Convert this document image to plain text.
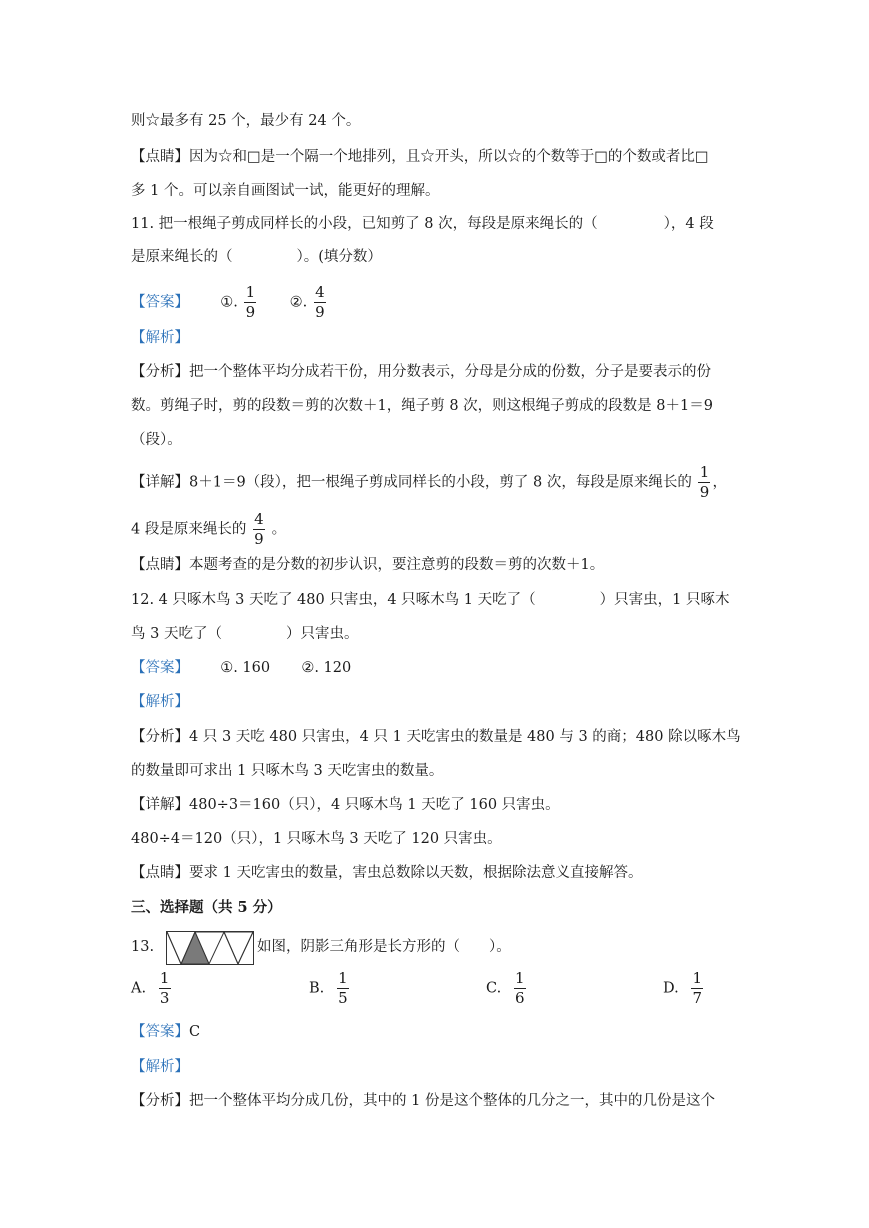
则☆最多有 25 个，最少有 24 个。
【点睛】因为☆和□是一个隔一个地排列，且☆开头，所以☆的个数等于□的个数或者比□
多 1 个。可以亲自画图试一试，能更好的理解。
11. 把一根绳子剪成同样长的小段，已知剪了 8 次，每段是原来绳长的（	），4 段
是原来绳长的（	）。(填分数）
【答案】 ①. $\frac{1}{9}$ ②. $\frac{4}{9}$
【解析】
【分析】把一个整体平均分成若干份，用分数表示，分母是分成的份数，分子是要表示的份
数。剪绳子时，剪的段数＝剪的次数＋1，绳子剪 8 次，则这根绳子剪成的段数是 8＋1＝9
（段）。
【详解】8＋1＝9（段），把一根绳子剪成同样长的小段，剪了 8 次，每段是原来绳长的 $\frac{1}{9}$ ，
4 段是原来绳长的 $\frac{4}{9}$ 。
【点睛】本题考查的是分数的初步认识，要注意剪的段数＝剪的次数＋1。
12. 4 只啄木鸟 3 天吃了 480 只害虫，4 只啄木鸟 1 天吃了（	）只害虫，1 只啄木
鸟 3 天吃了（	）只害虫。
【答案】 ①. 160 ②. 120
【解析】
【分析】4 只 3 天吃 480 只害虫，4 只 1 天吃害虫的数量是 480 与 3 的商；480 除以啄木鸟
的数量即可求出 1 只啄木鸟 3 天吃害虫的数量。
【详解】480÷3＝160（只），4 只啄木鸟 1 天吃了 160 只害虫。
480÷4＝120（只），1 只啄木鸟 3 天吃了 120 只害虫。
【点睛】要求 1 天吃害虫的数量，害虫总数除以天数，根据除法意义直接解答。
三、选择题（共 5 分）
13.	如图，阴影三角形是长方形的（　　）。
A. $\frac{1}{3}$	B. $\frac{1}{5}$	C. $\frac{1}{6}$	D. $\frac{1}{7}$
【答案】C
【解析】
【分析】把一个整体平均分成几份，其中的 1 份是这个整体的几分之一，其中的几份是这个
